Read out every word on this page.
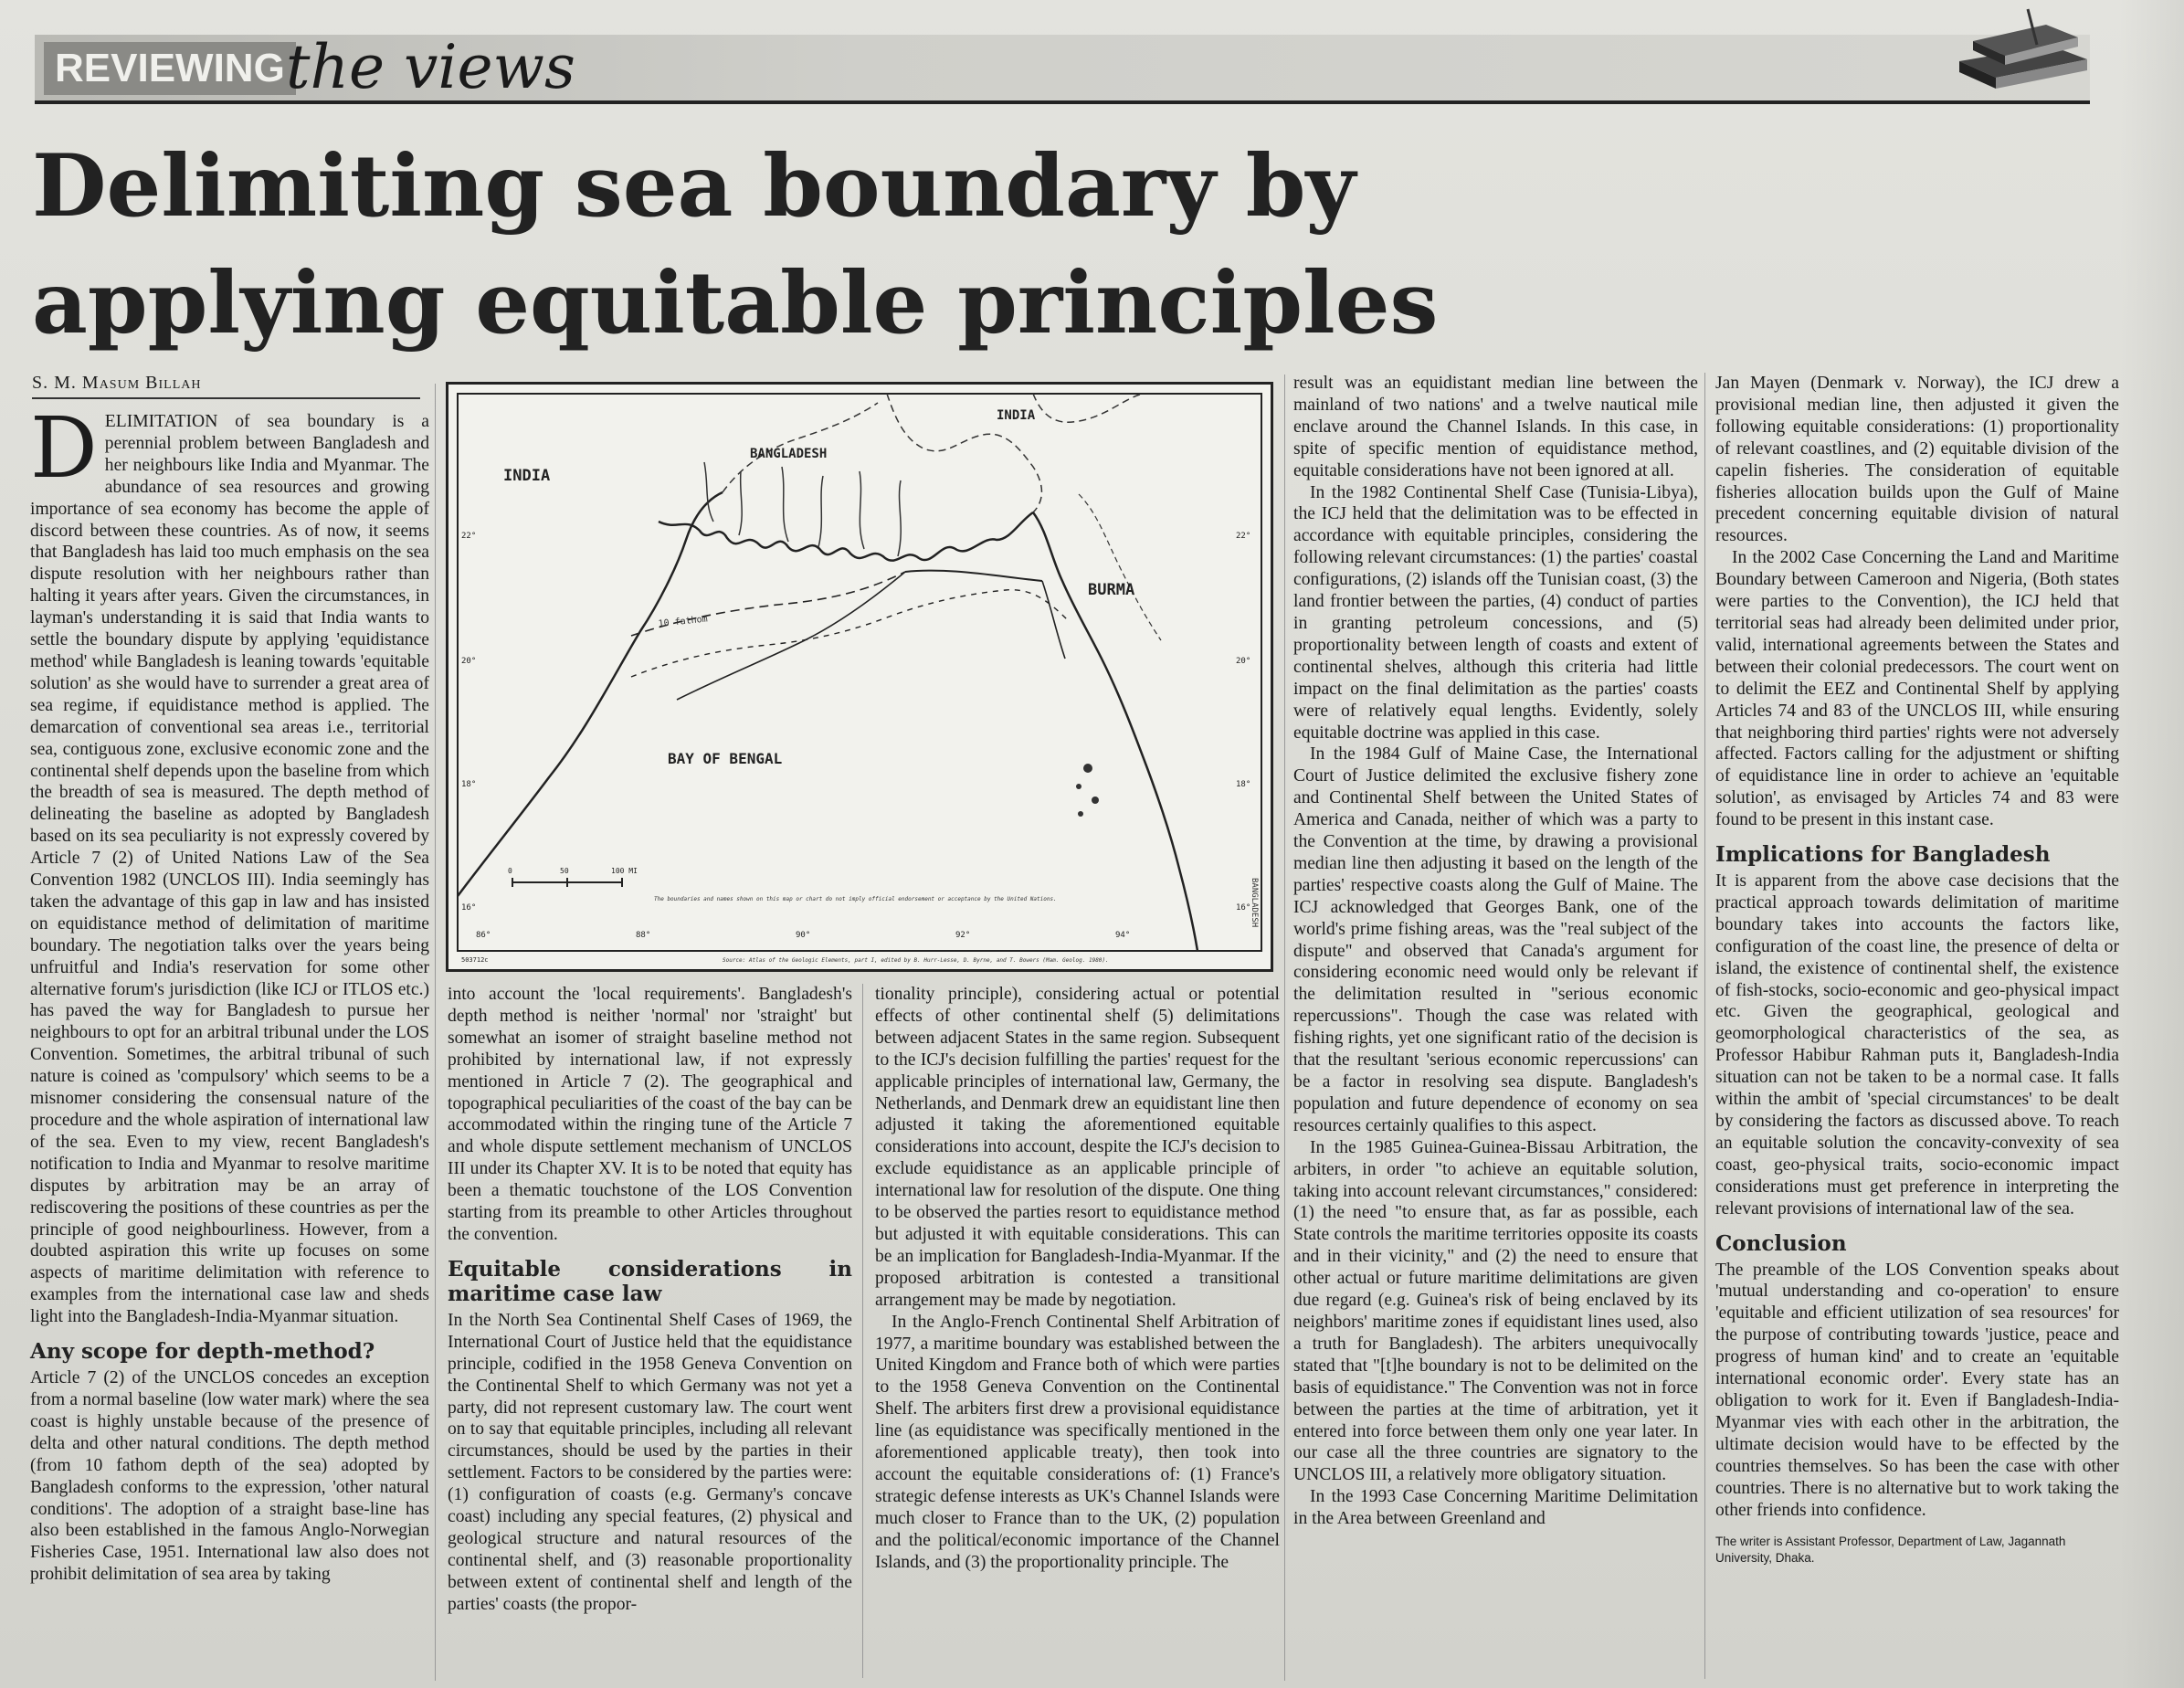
REVIEWING the views
Delimiting sea boundary by applying equitable principles
S. M. Masum Billah

DELIMITATION of sea boundary is a perennial problem between Bangladesh and her neighbours like India and Myanmar. The abundance of sea resources and growing importance of sea economy has become the apple of discord between these countries. As of now, it seems that Bangladesh has laid too much emphasis on the sea dispute resolution with her neighbours rather than halting it years after years. Given the circumstances, in layman's understanding it is said that India wants to settle the boundary dispute by applying 'equidistance method' while Bangladesh is leaning towards 'equitable solution' as she would have to surrender a great area of sea regime, if equidistance method is applied. The demarcation of conventional sea areas i.e., territorial sea, contiguous zone, exclusive economic zone and the continental shelf depends upon the baseline from which the breadth of sea is measured. The depth method of delineating the baseline as adopted by Bangladesh based on its sea peculiarity is not expressly covered by Article 7 (2) of United Nations Law of the Sea Convention 1982 (UNCLOS III). India seemingly has taken the advantage of this gap in law and has insisted on equidistance method of delimitation of maritime boundary. The negotiation talks over the years being unfruitful and India's reservation for some other alternative forum's jurisdiction (like ICJ or ITLOS etc.) has paved the way for Bangladesh to pursue her neighbours to opt for an arbitral tribunal under the LOS Convention. Sometimes, the arbitral tribunal of such nature is coined as 'compulsory' which seems to be a misnomer considering the consensual nature of the procedure and the whole aspiration of international law of the sea. Even to my view, recent Bangladesh's notification to India and Myanmar to resolve maritime disputes by arbitration may be an array of rediscovering the positions of these countries as per the principle of good neighbourliness. However, from a doubted aspiration this write up focuses on some aspects of maritime delimitation with reference to examples from the international case law and sheds light into the Bangladesh-India-Myanmar situation.

Any scope for depth-method?

Article 7 (2) of the UNCLOS concedes an exception from a normal baseline (low water mark) where the sea coast is highly unstable because of the presence of delta and other natural conditions. The depth method (from 10 fathom depth of the sea) adopted by Bangladesh conforms to the expression, 'other natural conditions'. The adoption of a straight base-line has also been established in the famous Anglo-Norwegian Fisheries Case, 1951. International law also does not prohibit delimitation of sea area by taking

INDIA
BANGLADESH
INDIA
BURMA
BAY OF BENGAL
10 fathom
BANGLADESH
0	50	100 MI
22°
20°
18°
16°
22°
20°
18°
16°
86°	88°	90°	92°	94°
The boundaries and names shown on this map or chart do not imply official endorsement or acceptance by the United Nations.
503712c	Source: Atlas of the Geologic Elements, part I, edited by B. Hurr-Lesse, D. Byrne, and T. Bowers (Mam. Geolog. 1980).

into account the 'local requirements'. Bangladesh's depth method is neither 'normal' nor 'straight' but somewhat an isomer of straight baseline method not prohibited by international law, if not expressly mentioned in Article 7 (2). The geographical and topographical peculiarities of the coast of the bay can be accommodated within the ringing tune of the Article 7 and whole dispute settlement mechanism of UNCLOS III under its Chapter XV. It is to be noted that equity has been a thematic touchstone of the LOS Convention starting from its preamble to other Articles throughout the convention.

Equitable considerations in maritime case law

In the North Sea Continental Shelf Cases of 1969, the International Court of Justice held that the equidistance principle, codified in the 1958 Geneva Convention on the Continental Shelf to which Germany was not yet a party, did not represent customary law. The court went on to say that equitable principles, including all relevant circumstances, should be used by the parties in their settlement. Factors to be considered by the parties were: (1) configuration of coasts (e.g. Germany's concave coast) including any special features, (2) physical and geological structure and natural resources of the continental shelf, and (3) reasonable proportionality between extent of continental shelf and length of the parties' coasts (the propor-

tionality principle), considering actual or potential effects of other continental shelf (5) delimitations between adjacent States in the same region. Subsequent to the ICJ's decision fulfilling the parties' request for the applicable principles of international law, Germany, the Netherlands, and Denmark drew an equidistant line then adjusted it taking the aforementioned equitable considerations into account, despite the ICJ's decision to exclude equidistance as an applicable principle of international law for resolution of the dispute. One thing to be observed the parties resort to equidistance method but adjusted it with equitable considerations. This can be an implication for Bangladesh-India-Myanmar. If the proposed arbitration is contested a transitional arrangement may be made by negotiation.

In the Anglo-French Continental Shelf Arbitration of 1977, a maritime boundary was established between the United Kingdom and France both of which were parties to the 1958 Geneva Convention on the Continental Shelf. The arbiters first drew a provisional equidistance line (as equidistance was specifically mentioned in the aforementioned applicable treaty), then took into account the equitable considerations of: (1) France's strategic defense interests as UK's Channel Islands were much closer to France than to the UK, (2) population and the political/economic importance of the Channel Islands, and (3) the proportionality principle. The

result was an equidistant median line between the mainland of two nations' and a twelve nautical mile enclave around the Channel Islands. In this case, in spite of specific mention of equidistance method, equitable considerations have not been ignored at all.

In the 1982 Continental Shelf Case (Tunisia-Libya), the ICJ held that the delimitation was to be effected in accordance with equitable principles, considering the following relevant circumstances: (1) the parties' coastal configurations, (2) islands off the Tunisian coast, (3) the land frontier between the parties, (4) conduct of parties in granting petroleum concessions, and (5) proportionality between length of coasts and extent of continental shelves, although this criteria had little impact on the final delimitation as the parties' coasts were of relatively equal lengths. Evidently, solely equitable doctrine was applied in this case.

In the 1984 Gulf of Maine Case, the International Court of Justice delimited the exclusive fishery zone and Continental Shelf between the United States of America and Canada, neither of which was a party to the Convention at the time, by drawing a provisional median line then adjusting it based on the length of the parties' respective coasts along the Gulf of Maine. The ICJ acknowledged that Georges Bank, one of the world's prime fishing areas, was the "real subject of the dispute" and observed that Canada's argument for considering economic need would only be relevant if the delimitation resulted in "serious economic repercussions". Though the case was related with fishing rights, yet one significant ratio of the decision is that the resultant 'serious economic repercussions' can be a factor in resolving sea dispute. Bangladesh's population and future dependence of economy on sea resources certainly qualifies to this aspect.

In the 1985 Guinea-Guinea-Bissau Arbitration, the arbiters, in order "to achieve an equitable solution, taking into account relevant circumstances," considered: (1) the need "to ensure that, as far as possible, each State controls the maritime territories opposite its coasts and in their vicinity," and (2) the need to ensure that other actual or future maritime delimitations are given due regard (e.g. Guinea's risk of being enclaved by its neighbors' maritime zones if equidistant lines used, also a truth for Bangladesh). The arbiters unequivocally stated that "[t]he boundary is not to be delimited on the basis of equidistance." The Convention was not in force between the parties at the time of arbitration, yet it entered into force between them only one year later. In our case all the three countries are signatory to the UNCLOS III, a relatively more obligatory situation.

In the 1993 Case Concerning Maritime Delimitation in the Area between Greenland and

Jan Mayen (Denmark v. Norway), the ICJ drew a provisional median line, then adjusted it given the following equitable considerations: (1) proportionality of relevant coastlines, and (2) equitable division of the capelin fisheries. The consideration of equitable fisheries allocation builds upon the Gulf of Maine precedent concerning equitable division of natural resources.

In the 2002 Case Concerning the Land and Maritime Boundary between Cameroon and Nigeria, (Both states were parties to the Convention), the ICJ held that territorial seas had already been delimited under prior, valid, international agreements between the States and between their colonial predecessors. The court went on to delimit the EEZ and Continental Shelf by applying Articles 74 and 83 of the UNCLOS III, while ensuring that neighboring third parties' rights were not adversely affected. Factors calling for the adjustment or shifting of equidistance line in order to achieve an 'equitable solution', as envisaged by Articles 74 and 83 were found to be present in this instant case.

Implications for Bangladesh

It is apparent from the above case decisions that the practical approach towards delimitation of maritime boundary takes into accounts the factors like, configuration of the coast line, the presence of delta or island, the existence of continental shelf, the existence of fish-stocks, socio-economic and geo-physical impact etc. Given the geographical, geological and geomorphological characteristics of the sea, as Professor Habibur Rahman puts it, Bangladesh-India situation can not be taken to be a normal case. It falls within the ambit of 'special circumstances' to be dealt by considering the factors as discussed above. To reach an equitable solution the concavity-convexity of sea coast, geo-physical traits, socio-economic impact considerations must get preference in interpreting the relevant provisions of international law of the sea.

Conclusion

The preamble of the LOS Convention speaks about 'mutual understanding and co-operation' to ensure 'equitable and efficient utilization of sea resources' for the purpose of contributing towards 'justice, peace and progress of human kind' and to create an 'equitable international economic order'. Every state has an obligation to work for it. Even if Bangladesh-India-Myanmar vies with each other in the arbitration, the ultimate decision would have to be effected by the countries themselves. So has been the case with other countries. There is no alternative but to work taking the other friends into confidence.

The writer is Assistant Professor, Department of Law, Jagannath University, Dhaka.
